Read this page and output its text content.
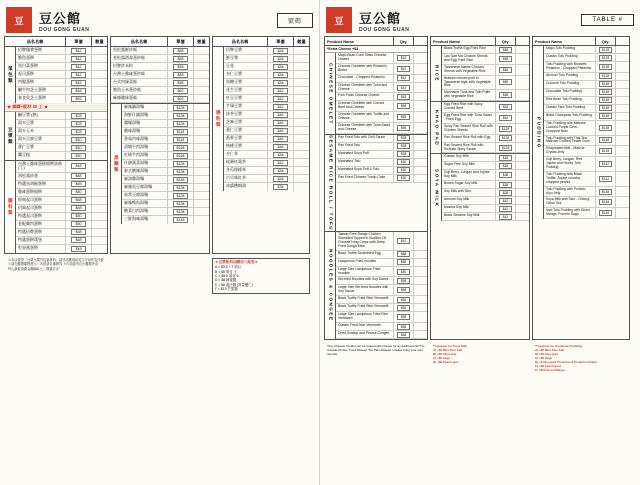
豆	豆公館
DOU GONG GUAN
號碼
品名名稱	單價	數量
菜包類
招牌爆漿蛋餅	$42
鮪魚蛋餅	$42
黑白菜蛋餅	$42
起司蛋餅	$42
肉鬆蛋餅	$45
鹹牛肉芝士蛋餅	$58
春食免芝士蛋餅	$55
★ 團購+配料 $5 工 ★
豆漿類
鹹豆漿 (熱)	$28
湯水豆漿	$28
湯水玉米	$28
湯水豆腐豆漿	$30
薏仁豆漿	$30
蠶豆糕	$30
醬料類
台灣土雞絲蛋捲燒餅油條 (丁)	$48
黑松露炒蛋	$88
特選黑胡椒蛋餅	$85
雞絲蛋餅燒餅	$80
經典起司蛋餅	$58
招典起司蛋餅	$58
特選起司蛋餅	$50
老配雞肉蛋餅	$50
特選招牌蛋餅	$58
特選蛋餅漢堡	$58
堅果燕蛋餅	$48
品名名稱	單價	數量
黑松露鮮炒飯	$68
老松露酒蒜蛋炒飯	$68
招牌炒米粉	$55
台灣土雞絲蛋炒飯	$85
台式肉燥菜飯	$58
鮪魚玉米蛋炒飯	$62
麻辣雞絲蛋飯	$62
湯麵類
麻辣鍋湯麵	$128
海鮮什錦湯麵	$138
醬爆湯麵	$128
雞絲湯麵	$118
香菇肉絲湯麵	$118
清燉牛肉湯麵	$168
紅燒牛肉湯麵	$168
什錦蔬菜湯麵	$128
泰式酸辣湯麵	$138
麻油雞湯麵	$148
麻辣臭豆腐湯麵	$138
家常豆腐湯麵	$128
麻辣鴨血湯麵	$138
酸菜白肉湯麵	$138
三鮮海味湯麵	$148
品名名稱	單價	數量
腸粉類
招牌豆漿	$28
鮮豆漿	$28
豆花	$38
杏仁豆漿	$38
黑糖豆漿	$38
花生豆漿	$42
紅豆豆漿	$42
芋頭豆漿	$42
抹茶豆漿	$45
芝麻豆漿	$45
薏仁豆漿	$45
燕麥豆漿	$45
核桃豆漿	$48
杏仁茶	$38
桂圓紅棗茶	$42
冬瓜檸檬茶	$38
古早味紅茶	$28
冰鎮酸梅湯	$38
＊本店提供「豆漿豆腐外包裝材料」請註明選項或英文字母作為代號 ＊請勿攜帶寵物進入／內用請自備餐具 ＊內用請勿自行攜帶外食 ‧ 每人最低消費金額$68 元／禮讓台步！
＊豆漿配料加購加工配套＊
A = $3 5 + 7 項目
B = $5 項目 王
C = $5 5 項目 6
D = $8 蜂蜜醬
E = $8 薑汁醬 (質量醬仁)
F = $10 芒果醬
豆	豆公館
DOU GONG GUAN
TABLE #
Product Name	Qty.
*Extra Cheese +$3
CHINESE OMELET
Mapo Bean Curd Shiso Chinese Omelet	$42
Chinese Omelette with Pistachio Butter	$42
Chocolate - Chopped Pistachio	$42
Chinese Omelette with Tuna and Cheese	$42
Pork Floss Chinese Omelet	$45
Chinese Omelette with Corned Beef and Cheese	$58
Chinese Omelette with Truffle and Cheese	$55
Chinese Omelette with Tuna Salad and Cheese	$55
SESAME RICE ROLL / TOFU	Pan Fried Tofu with Chili Sauce	$28
Pan Fried Tofu	$28
Marinated Soya Puff	$28
Marinated Tofu	$30
Marinated Soya Puff & Tofu	$30
Pan Fried Chinese Turnip Cake	$30
NOODLES & CONGEE
Taiwan Free-Range Chicken Shredded Topped in Scallion Oil Chinese Icing Crepe with Deep Fried Dough Stick
$42
Black Truffle Scrambled Egg	$88
Lacqueous Fried noodles	$85
Large Size Lacqueous Fried noodles	$80
Stir-fried Noodles with Soy Sauce	$58
Large Size Stir-fried Noodles with Soy Sauce	$58
Black Truffle Fried Rice Vermicelli	$50
Black Truffle Fried Rice Vermicelli	$50
Large Size Lacqueous Fried Rice Vermicelli	$58
Classic Fried Rice Vermicelli	$58
Dried Scallop and Peanut Congee	$48
Product Name	Qty.
RICE
Black Truffle Egg Fried Rice	$68
Lao Gan Ma Chicken Shreds and Egg Fried Rice	$68
Taiwanese Native Chicken Shreds with Vegetable Rice	$55
Braised minced pork in Taiwanese style with Vegetable Rice
$85
Marinated Tuna and Tofu Puffs with Vegetable Rice	$58
KHAO PAD
Egg Fried Rice with Spicy Corned Beef	$62
Egg Fried Rice with Tuna Salad - Fried Egg	$62
Spicy Pan Seared Rice Roll with Chicken Shreds	$128
Pan Seared Rice Roll with Egg	$138
Pan Seared Rice Roll with Sichuan Spicy Sauce	$128
SOYA MILK
Classic Soy Milk	$28
Sugar Free Soy Milk	$28
Goji Berry, Longan and Jujube Soy Milk	$38
Brown Sugar Soy Milk	$38
Soy Milk with Taro	$38
Almond Soy Milk	$42
Matcha Soy Milk	$42
Black Sesame Soy Milk	$42
Product Name	Qty.
PUDDING
Mapo Tofu Pudding	$128
Classic Tofu Pudding	$128
Tofu Pudding with Brussels Pistachio - Chopped Pistachio	$138
Almond Tofu Pudding	$128
Coconut Tofu Pudding	$138
Chocolate Tofu Pudding	$138
Red Bean Tofu Pudding	$138
Classic Taro Tofu Pudding	$138
Black Chickpeas Tofu Pudding	$148
Tofu Pudding with Malrose Cooked Purple Gem - Chopped Nuts
$138
Tofu Pudding with Thai Tea - Malrose Cooked Peach Gum	$148
Evaporated Milk - Matcha Crystal Jelly	$128
Goji Berry, Longan, Red Jujube and Honey Tofu Pudding
$142
Tofu Pudding with Black Truffle, Jujube crunchy chopped peanut
$142
Tofu Pudding with Pomelo, Aiyu Jelly	$138
Soya Milk with Taro - Oolong, Citrus Tea	$148
Iced Tofu Pudding with Diced Mango, Pomelo Sago	$148
*Any Chinese Omelet can be topped with cheese for an additional $3 *No Outside Drinks / Food Allowed *No Pets Allowed / please bring your own utensils
*Toppings for Soya Milk
A) +$5 Mini Taro ball
B) +$5 40yu jelly
C) +$5 Sago
D) +$8 Peach gum
*Toppings for Soyabean Pudding
A) +$5 Mini Taro ball
B) +$5 Aiyu jelly
C) +$5 Sago
D) +$ Chopped Pistachio & Pistachio Butter
E) +$8 Peach gum
F) +$10 Diced Mango
